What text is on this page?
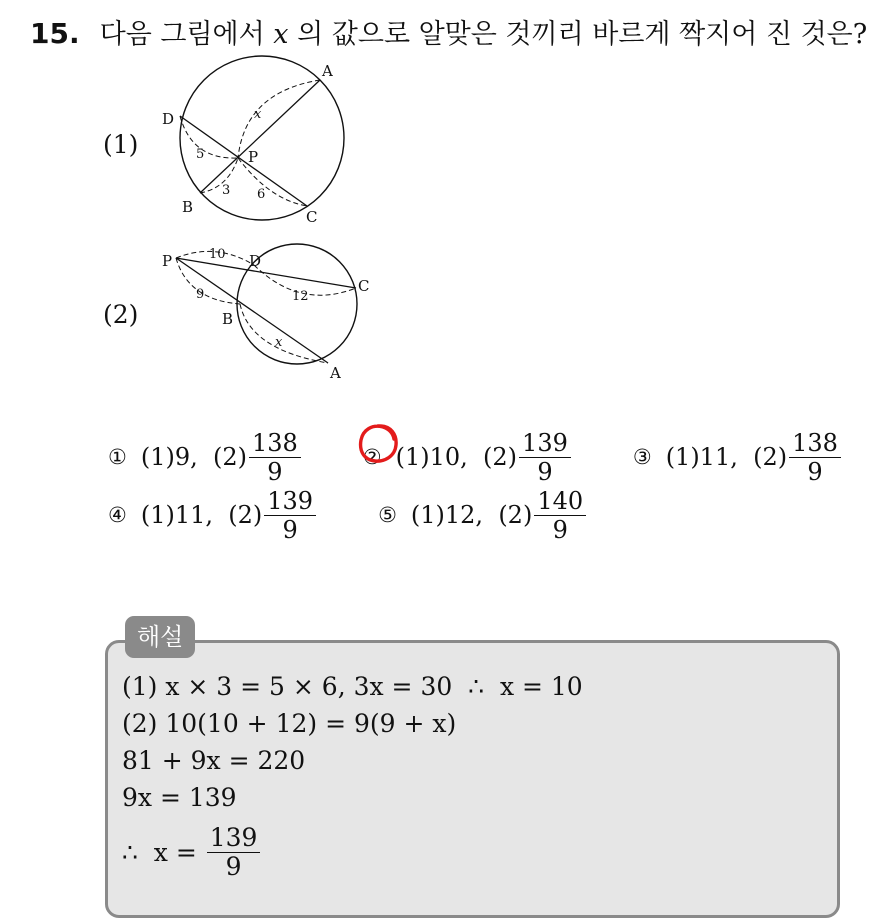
15. 다음 그림에서 x 의 값으로 알맞은 것끼리 바르게 짝지어 진 것은?
(1)
(2)
A
D
P
B
C
x
5
3 6
P	D
C
B
A
10
12
9
x
① (1)9,  $(2) \frac{138}{9}$	② (1)10,  $(2) \frac{139}{9}$	③ (1)11,  $(2) \frac{138}{9}$
④ (1)11,  $(2) \frac{139}{9}$	⑤ (1)12,  $(2) \frac{140}{9}$
해설
(1) x × 3 = 5 × 6, 3x = 30  ∴  x = 10
(2) 10(10 + 12) = 9(9 + x)
81 + 9x = 220
9x = 139
∴  $x = \frac{139}{9}$
